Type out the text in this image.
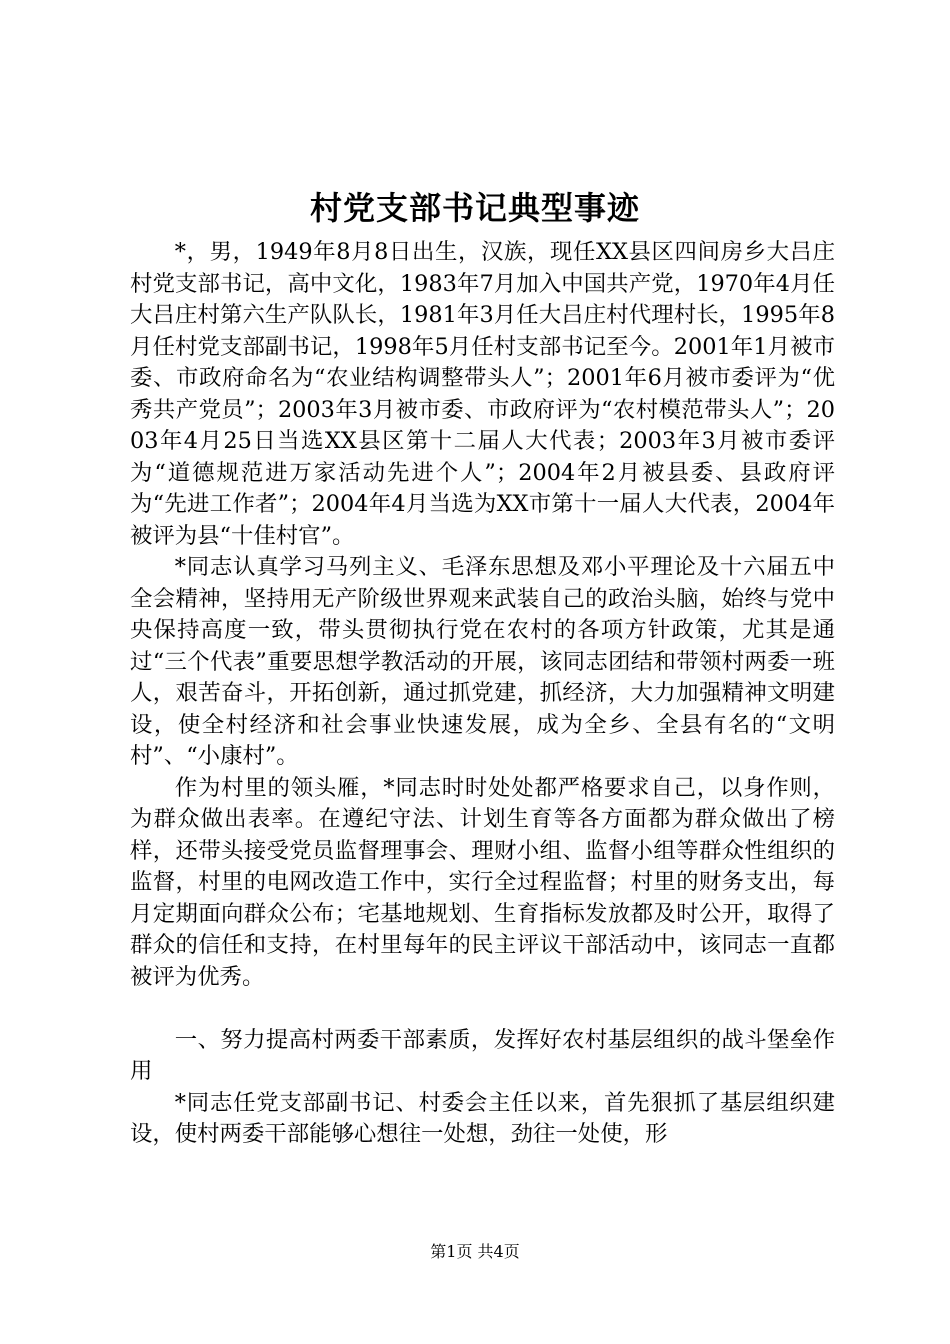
村党支部书记典型事迹

*，男，1949年8月8日出生，汉族，现任XX县区四间房乡大吕庄村党支部书记，高中文化，1983年7月加入中国共产党，1970年4月任大吕庄村第六生产队队长，1981年3月任大吕庄村代理村长，1995年8月任村党支部副书记，1998年5月任村支部书记至今。2001年1月被市委、市政府命名为“农业结构调整带头人”；2001年6月被市委评为“优秀共产党员”；2003年3月被市委、市政府评为“农村模范带头人”；2003年4月25日当选XX县区第十二届人大代表；2003年3月被市委评为“道德规范进万家活动先进个人”；2004年2月被县委、县政府评为“先进工作者”；2004年4月当选为XX市第十一届人大代表，2004年被评为县“十佳村官”。

*同志认真学习马列主义、毛泽东思想及邓小平理论及十六届五中全会精神，坚持用无产阶级世界观来武装自己的政治头脑，始终与党中央保持高度一致，带头贯彻执行党在农村的各项方针政策，尤其是通过“三个代表”重要思想学教活动的开展，该同志团结和带领村两委一班人，艰苦奋斗，开拓创新，通过抓党建，抓经济，大力加强精神文明建设，使全村经济和社会事业快速发展，成为全乡、全县有名的“文明村”、“小康村”。

作为村里的领头雁，*同志时时处处都严格要求自己，以身作则，为群众做出表率。在遵纪守法、计划生育等各方面都为群众做出了榜样，还带头接受党员监督理事会、理财小组、监督小组等群众性组织的监督，村里的电网改造工作中，实行全过程监督；村里的财务支出，每月定期面向群众公布；宅基地规划、生育指标发放都及时公开，取得了群众的信任和支持，在村里每年的民主评议干部活动中，该同志一直都被评为优秀。

一、努力提高村两委干部素质，发挥好农村基层组织的战斗堡垒作用

*同志任党支部副书记、村委会主任以来，首先狠抓了基层组织建设，使村两委干部能够心想往一处想，劲往一处使，形

第1页 共4页
